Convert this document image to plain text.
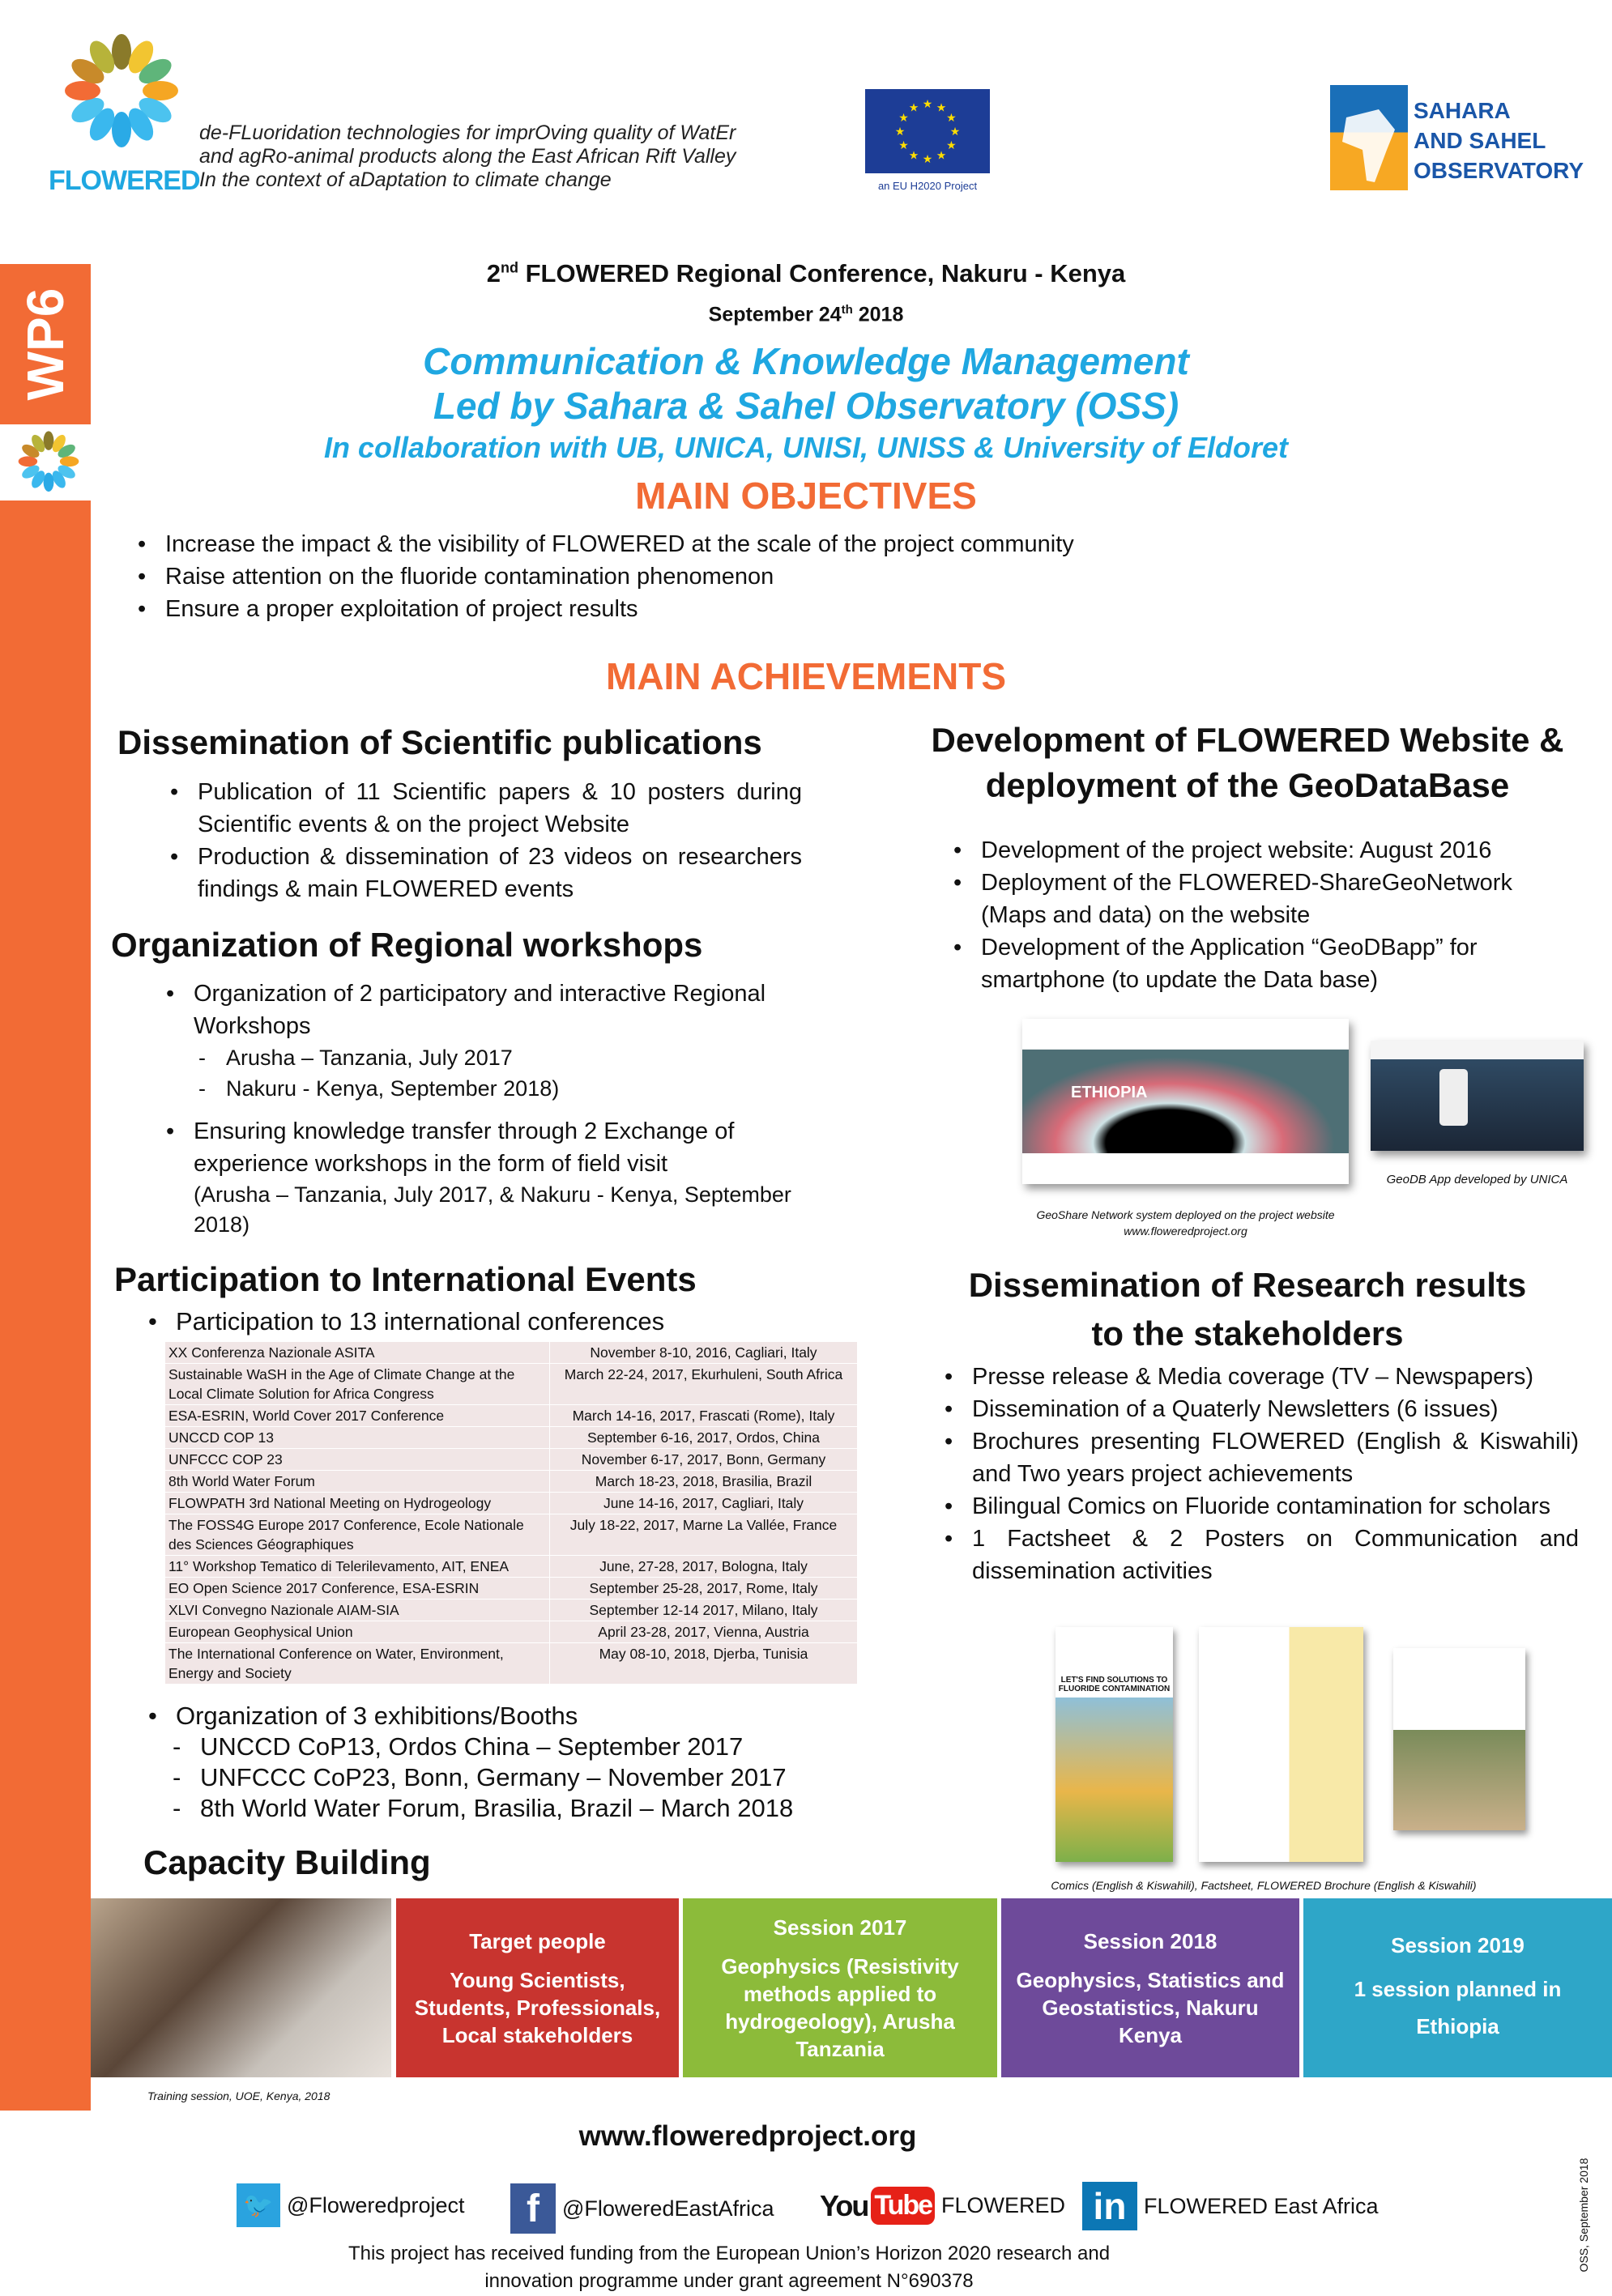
FLOWERED
de-FLuoridation technologies for imprOving quality of WatEr
and agRo-animal products along the East African Rift Valley
In the context of aDaptation to climate change
★
★
★
★
★
★
★
★
★ ★ ★
★
an EU H2020 Project
SAHARA
AND SAHEL
OBSERVATORY
WP6
2nd FLOWERED Regional Conference, Nakuru - Kenya
September 24th 2018
Communication & Knowledge Management
Led by Sahara & Sahel Observatory (OSS)
In collaboration with UB, UNICA, UNISI, UNISS & University of Eldoret
MAIN OBJECTIVES
• Increase the impact & the visibility of FLOWERED at the scale of the project community
• Raise attention on the fluoride contamination phenomenon
• Ensure a proper exploitation of project results
MAIN ACHIEVEMENTS
Dissemination of Scientific publications
• Publication of 11 Scientific papers & 10 posters during Scientific events & on the project Website
• Production & dissemination of 23 videos on researchers findings & main FLOWERED events
Organization of Regional workshops
• Organization of 2 participatory and interactive Regional Workshops
- Arusha – Tanzania, July 2017
- Nakuru - Kenya, September 2018)
• Ensuring knowledge transfer through 2 Exchange of experience workshops in the form of field visit
(Arusha – Tanzania, July 2017, & Nakuru - Kenya, September 2018)
Participation to International Events
• Participation to 13 international conferences
XX Conferenza Nazionale ASITA	November 8-10, 2016, Cagliari, Italy
Sustainable WaSH in the Age of Climate Change at the Local Climate Solution for Africa Congress	March 22-24, 2017, Ekurhuleni, South Africa
ESA-ESRIN, World Cover 2017 Conference	March 14-16, 2017, Frascati (Rome), Italy
UNCCD COP 13	September 6-16, 2017, Ordos, China
UNFCCC COP 23	November 6-17, 2017, Bonn, Germany
8th World Water Forum	March 18-23, 2018, Brasilia, Brazil
FLOWPATH 3rd National Meeting on Hydrogeology	June 14-16, 2017, Cagliari, Italy
The FOSS4G Europe 2017 Conference, Ecole Nationale des Sciences Géographiques	July 18-22, 2017, Marne La Vallée, France
11° Workshop Tematico di Telerilevamento, AIT, ENEA	June, 27-28, 2017, Bologna, Italy
EO Open Science 2017 Conference, ESA-ESRIN	September 25-28, 2017, Rome, Italy
XLVI Convegno Nazionale AIAM-SIA	September 12-14 2017, Milano, Italy
European Geophysical Union	April 23-28, 2017, Vienna, Austria
The International Conference on Water, Environment, Energy and Society	May 08-10, 2018, Djerba, Tunisia
• Organization of 3 exhibitions/Booths
- UNCCD CoP13, Ordos China – September 2017
- UNFCCC CoP23, Bonn, Germany – November 2017
- 8th World Water Forum, Brasilia, Brazil – March 2018
Capacity Building
Development of FLOWERED Website &
deployment of the GeoDataBase
• Development of the project website: August 2016
• Deployment of the FLOWERED-ShareGeoNetwork (Maps and data) on the website
• Development of the Application “GeoDBapp” for smartphone (to update the Data base)
ETHIOPIA
GeoShare Network system deployed on the project website
www.floweredproject.org
GeoDB App developed by UNICA
Dissemination of Research results
to the stakeholders
• Presse release & Media coverage (TV – Newspapers)
• Dissemination of a Quaterly Newsletters (6 issues)
• Brochures presenting FLOWERED (English & Kiswahili) and Two years project achievements
• Bilingual Comics on Fluoride contamination for scholars
• 1 Factsheet & 2 Posters on Communication and dissemination activities
LET'S FIND SOLUTIONS TO FLUORIDE CONTAMINATION
Comics (English & Kiswahili), Factsheet, FLOWERED Brochure (English & Kiswahili)
Training session, UOE, Kenya, 2018
Target people
Young Scientists, Students, Professionals, Local stakeholders
Session 2017
Geophysics (Resistivity methods applied to hydrogeology), Arusha Tanzania
Session 2018
Geophysics, Statistics and Geostatistics, Nakuru Kenya
Session 2019
1 session planned in Ethiopia
www.floweredproject.org
🐦 @Floweredproject	f	@FloweredEastAfrica You Tube FLOWERED in FLOWERED East Africa
This project has received funding from the European Union’s Horizon 2020 research and
innovation programme under grant agreement N°690378
OSS, September 2018
